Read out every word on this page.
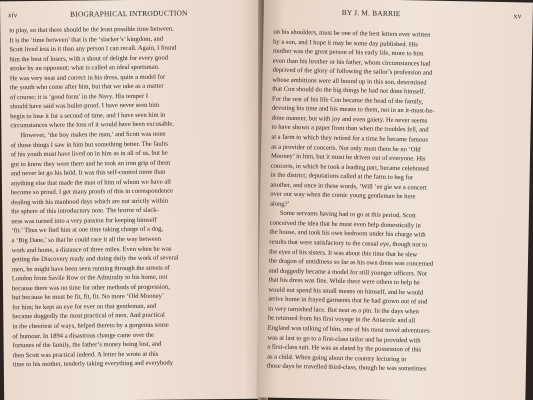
xiv	BIOGRAPHICAL INTRODUCTION
to play, so that there should be the least possible time between.
It is the ‘time between’ that is the ‘slacker’s’ kingdom, and
Scott lived less in it than any person I can recall. Again, I found
him the best of losers, with a shout of delight for every good
stroke by an opponent: what is called an ideal sportsman.
He was very neat and correct in his dress, quite a model for
the youth who come after him, but that we take as a matter
of course; it is ‘good form’ in the Navy. His temper I
should have said was bullet-proof. I have never seen him
begin to lose it for a second of time, and I have seen him in
circumstances where the loss of it would have been excusable.
However, ‘the boy makes the man,’ and Scott was none
of those things I saw in him but something better. The faults
of his youth must have lived on in him as in all of us, but he
got to know they were there and he took an iron grip of them
and never let go his hold. It was this self-control more than
anything else that made the man of him of whom we have all
become so proud. I get many proofs of this in correspondence
dealing with his manhood days which are not strictly within
the sphere of this introductory note. The horror of slack-
ness was turned into a very passion for keeping himself
‘fit.’ Thus we find him at one time taking charge of a dog,
a ‘Big Dane,’ so that he could race it all the way between
work and home, a distance of three miles. Even when he was
getting the Discovery ready and doing daily the work of several
men, he might have been seen running through the streets of
London from Savile Row or the Admiralty to his home, not
because there was no time for other methods of progression,
but because he must be fit, fit, fit. No more ‘Old Mooney’
for him; he kept an eye for ever on that gentleman, and
became doggedly the most practical of men. And practical
in the cheeriest of ways, helped thereto by a gorgeous sense
of humour. In 1894 a disastrous change came over the
fortunes of the family, the father’s money being lost, and
then Scott was practical indeed. A letter he wrote at this
time to his mother, tenderly taking everything and everybody
BY J. M. BARRIE	xv
on his shoulders, must be one of the best letters ever written
by a son, and I hope it may be some day published. His
mother was the great person of his early life, more to him
even than his brother or his father, whom circumstances had
deprived of the glory of following the sailor’s profession and
whose ambitions were all bound up in this son, determined
that Con should do the big things he had not done himself.
For the rest of his life Con became the head of the family,
devoting his time and his means to them, not in an it-must-be-
done manner, but with joy and even gaiety. He never seems
to have shown a paper front than when the troubles fell, and
at a farm to which they retired for a time he became famous
as a provider of concerts. Not only must there be no ‘Old
Mooney’ in him, but it must be driven out of everyone. His
concerts, in which he took a leading part, became celebrated
in the district; deputations called at the farm to beg for
another, and once in these words, ‘Will ’ee gie we a concert
over our way when the comic young gentleman be here
along?’
Some servants having had to go at this period, Scott
conceived the idea that he must even help domestically in
the house, and took his own bedroom under his charge with
results that were satisfactory to the casual eye, though not to
the eyes of his sisters. It was about this time that he slew
the dragon of untidiness so far as his own dress was concerned
and doggedly became a model for still younger officers. Not
that his dress was fine. While there were others to help he
would not spend his small means on himself, and he would
arrive home in frayed garments that he had grown out of and
in very tarnished lace. But neat as a pin. In the days when
he returned from his first voyage in the Antarctic and all
England was talking of him, one of his most novel adventures
was at last to go to a first-class tailor and be provided with
a first-class suit. He was as elated by the possession of this
as a child. When going about the country lecturing in
those days he travelled third-class, though he was sometimes
